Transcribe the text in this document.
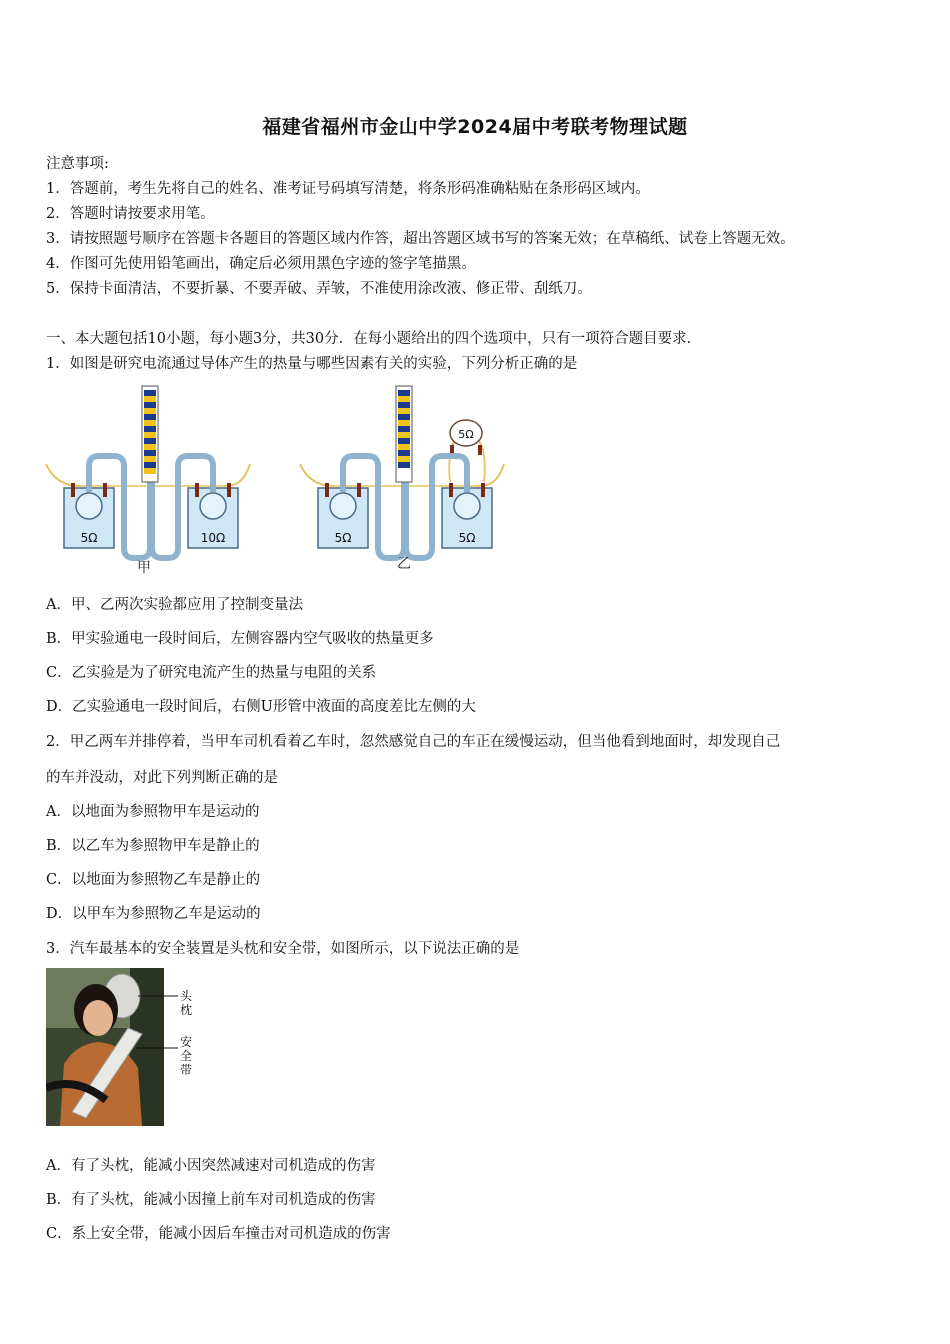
福建省福州市金山中学2024届中考联考物理试题
注意事项:
1．答题前，考生先将自己的姓名、准考证号码填写清楚，将条形码准确粘贴在条形码区域内。
2．答题时请按要求用笔。
3．请按照题号顺序在答题卡各题目的答题区域内作答，超出答题区域书写的答案无效；在草稿纸、试卷上答题无效。
4．作图可先使用铅笔画出，确定后必须用黑色字迹的签字笔描黑。
5．保持卡面清洁，不要折暴、不要弄破、弄皱，不准使用涂改液、修正带、刮纸刀。
一、本大题包括10小题，每小题3分，共30分．在每小题给出的四个选项中，只有一项符合题目要求．
1．如图是研究电流通过导体产生的热量与哪些因素有关的实验，下列分析正确的是
5Ω	10Ω
甲
5Ω
5Ω	5Ω
乙
A．甲、乙两次实验都应用了控制变量法
B．甲实验通电一段时间后，左侧容器内空气吸收的热量更多
C．乙实验是为了研究电流产生的热量与电阻的关系
D．乙实验通电一段时间后，右侧U形管中液面的高度差比左侧的大
2．甲乙两车并排停着，当甲车司机看着乙车时，忽然感觉自己的车正在缓慢运动，但当他看到地面时，却发现自己
的车并没动，对此下列判断正确的是
A．以地面为参照物甲车是运动的
B．以乙车为参照物甲车是静止的
C．以地面为参照物乙车是静止的
D．以甲车为参照物乙车是运动的
3．汽车最基本的安全装置是头枕和安全带，如图所示，以下说法正确的是
头 枕
安 全 带
A．有了头枕，能减小因突然减速对司机造成的伤害
B．有了头枕，能减小因撞上前车对司机造成的伤害
C．系上安全带，能减小因后车撞击对司机造成的伤害
